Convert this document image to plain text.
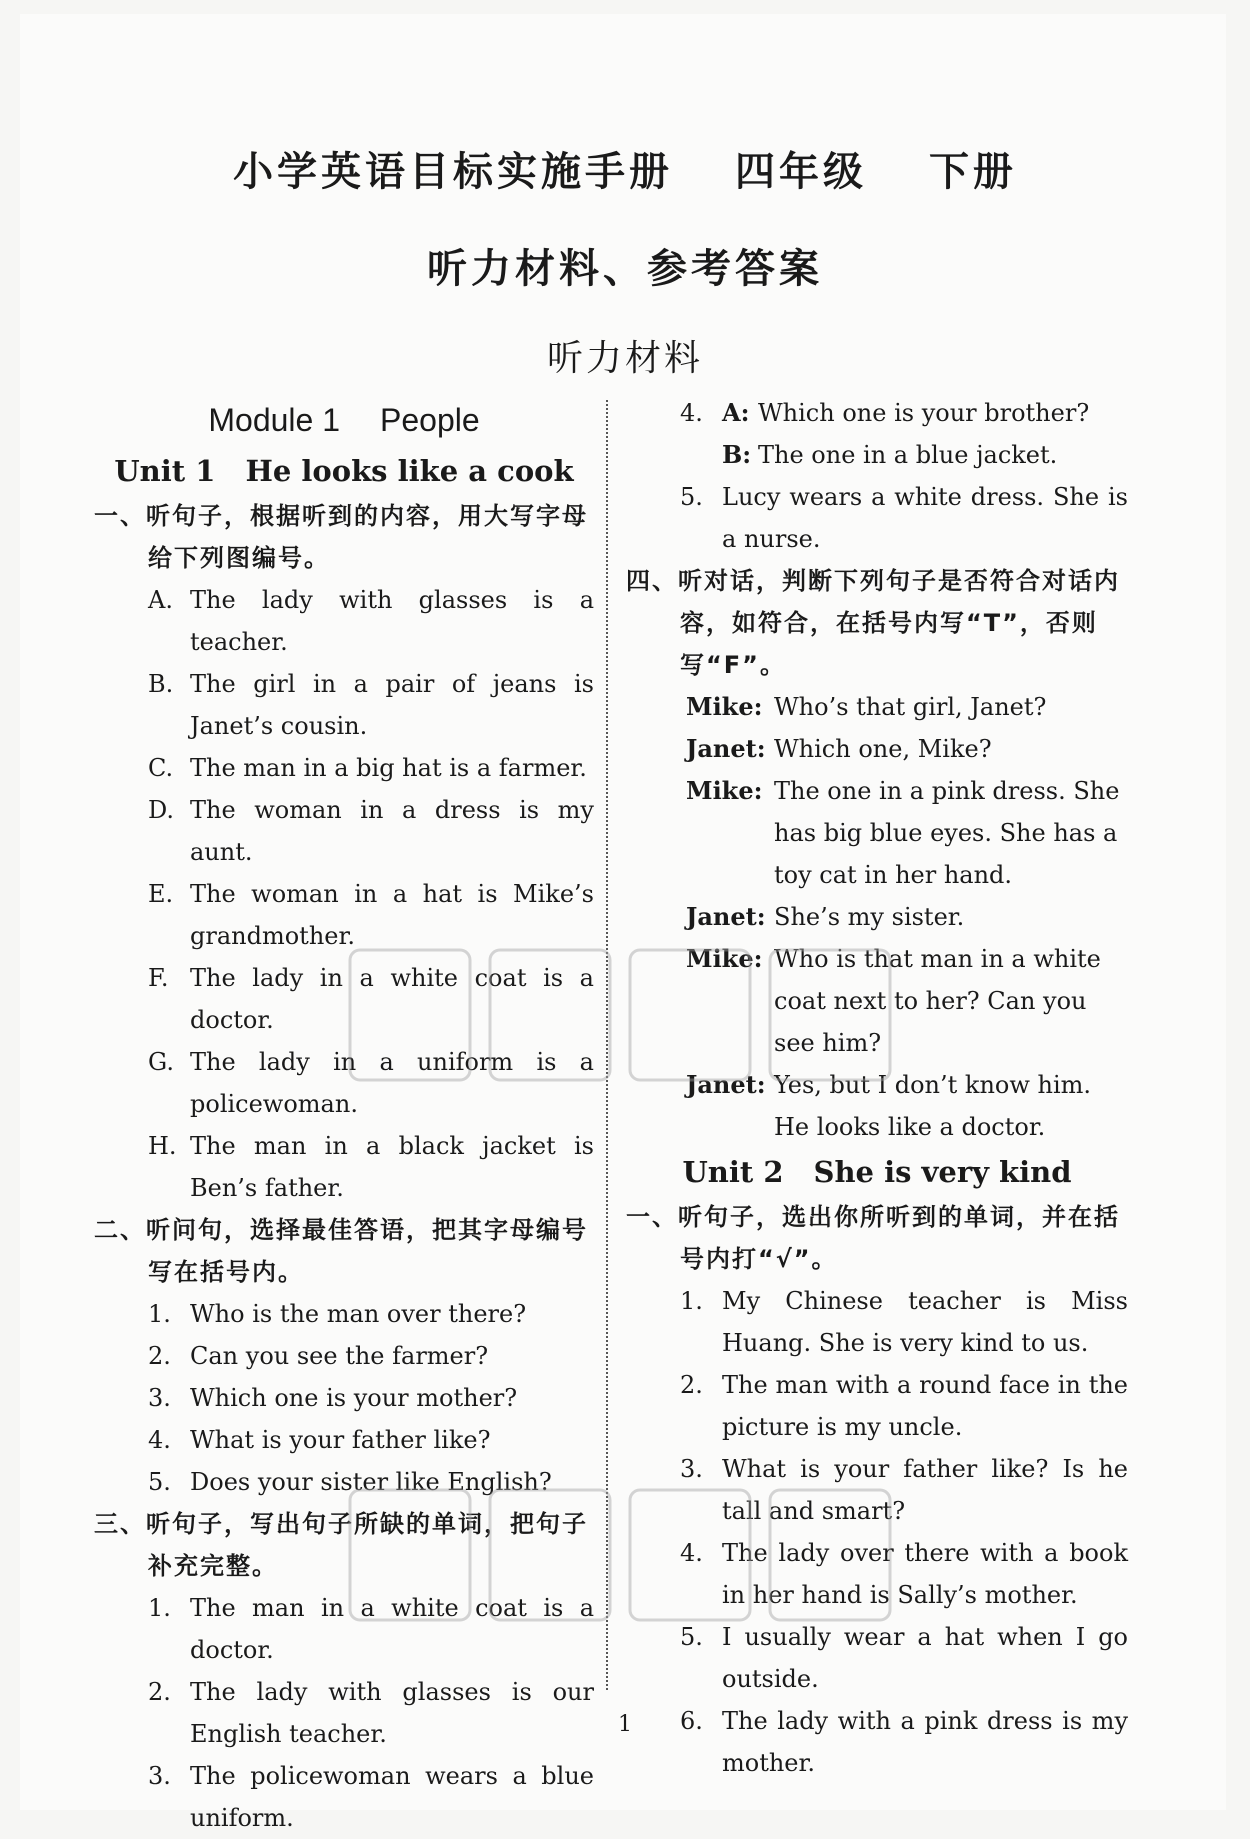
小学英语目标实施手册 四年级 下册
听力材料、参考答案
听力材料
Module 1 People
Unit 1 He looks like a cook
一、听句子，根据听到的内容，用大写字母给下列图编号。
A. The lady with glasses is a teacher.
B. The girl in a pair of jeans is Janet’s cousin.
C. The man in a big hat is a farmer.
D. The woman in a dress is my aunt.
E. The woman in a hat is Mike’s grandmother.
F. The lady in a white coat is a doctor.
G. The lady in a uniform is a policewoman.
H. The man in a black jacket is Ben’s father.
二、听问句，选择最佳答语，把其字母编号写在括号内。
1. Who is the man over there?
2. Can you see the farmer?
3. Which one is your mother?
4. What is your father like?
5. Does your sister like English?
三、听句子，写出句子所缺的单词，把句子补充完整。
1. The man in a white coat is a doctor.
2. The lady with glasses is our English teacher.
3. The policewoman wears a blue uniform.
4. A: Which one is your brother?
B: The one in a blue jacket.
5. Lucy wears a white dress. She is a nurse.
四、听对话，判断下列句子是否符合对话内容，如符合，在括号内写“T”，否则写“F”。
Mike: Who’s that girl, Janet?
Janet: Which one, Mike?
Mike: The one in a pink dress. She has big blue eyes. She has a toy cat in her hand.
Janet: She’s my sister.
Mike: Who is that man in a white coat next to her? Can you see him?
Janet: Yes, but I don’t know him. He looks like a doctor.
Unit 2 She is very kind
一、听句子，选出你所听到的单词，并在括号内打“√”。
1. My Chinese teacher is Miss Huang. She is very kind to us.
2. The man with a round face in the picture is my uncle.
3. What is your father like? Is he tall and smart?
4. The lady over there with a book in her hand is Sally’s mother.
5. I usually wear a hat when I go outside.
6. The lady with a pink dress is my mother.
1
